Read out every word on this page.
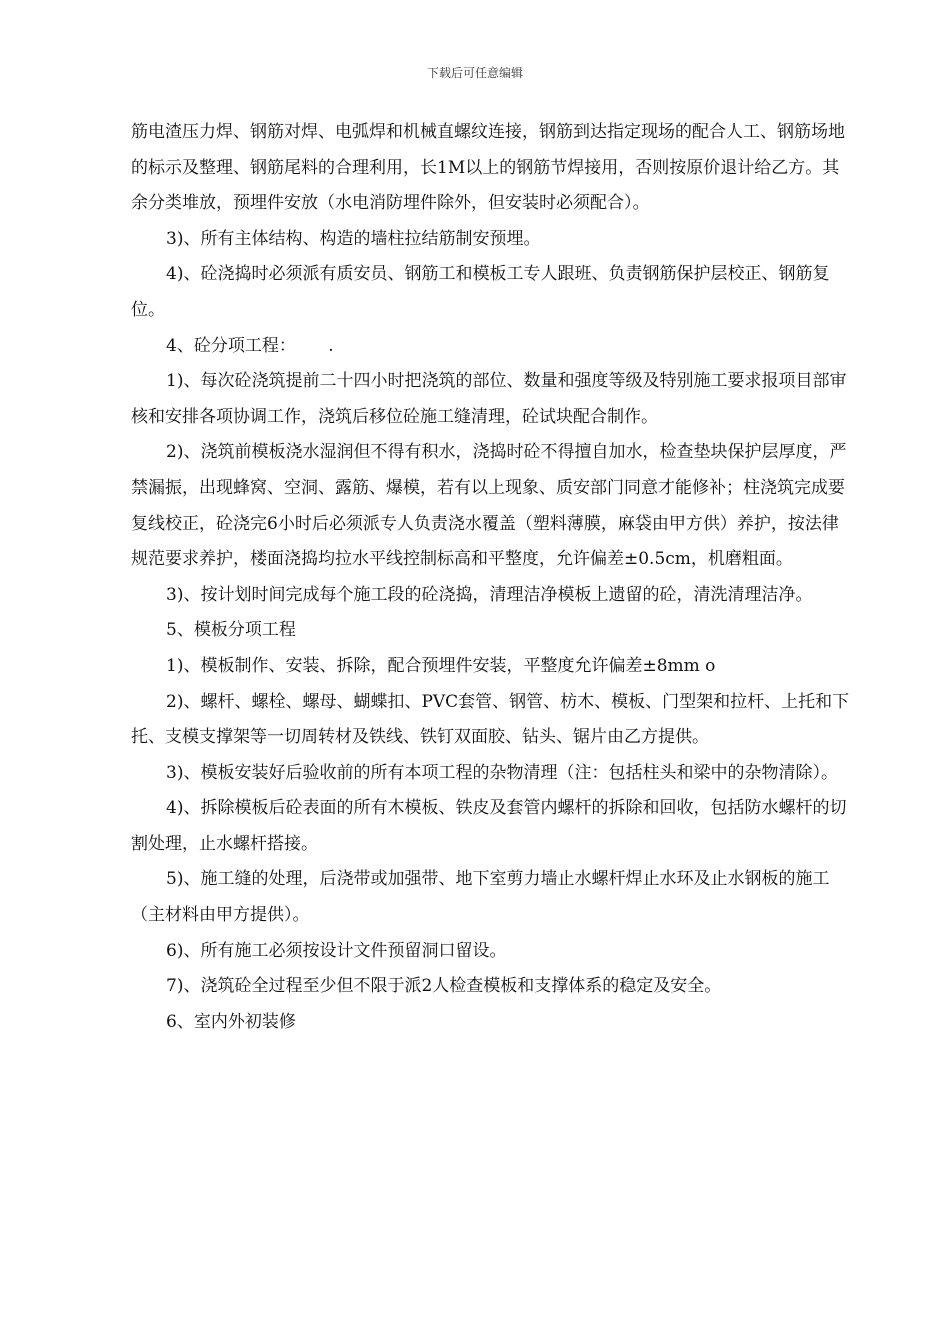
下载后可任意编辑

筋电渣压力焊、钢筋对焊、电弧焊和机械直螺纹连接，钢筋到达指定现场的配合人工、钢筋场地的标示及整理、钢筋尾料的合理利用，长1M以上的钢筋节焊接用，否则按原价退计给乙方。其余分类堆放，预埋件安放（水电消防埋件除外，但安装时必须配合）。

3)、所有主体结构、构造的墙柱拉结筋制安预埋。

4)、砼浇捣时必须派有质安员、钢筋工和模板工专人跟班、负责钢筋保护层校正、钢筋复位。

4、砼分项工程：      .

1)、每次砼浇筑提前二十四小时把浇筑的部位、数量和强度等级及特别施工要求报项目部审核和安排各项协调工作，浇筑后移位砼施工缝清理，砼试块配合制作。

2)、浇筑前模板浇水湿润但不得有积水，浇捣时砼不得擅自加水，检查垫块保护层厚度，严禁漏振，出现蜂窝、空洞、露筋、爆模，若有以上现象、质安部门同意才能修补；柱浇筑完成要复线校正，砼浇完6小时后必须派专人负责浇水覆盖（塑料薄膜，麻袋由甲方供）养护，按法律规范要求养护，楼面浇捣均拉水平线控制标高和平整度，允许偏差±0.5cm，机磨粗面。

3)、按计划时间完成每个施工段的砼浇捣，清理洁净模板上遗留的砼，清洗清理洁净。

5、模板分项工程

1)、模板制作、安装、拆除，配合预埋件安装，平整度允许偏差±8mm o

2)、螺杆、螺栓、螺母、蝴蝶扣、PVC套管、钢管、枋木、模板、门型架和拉杆、上托和下托、支模支撑架等一切周转材及铁线、铁钉双面胶、钻头、锯片由乙方提供。

3)、模板安装好后验收前的所有本项工程的杂物清理（注：包括柱头和梁中的杂物清除）。

4)、拆除模板后砼表面的所有木模板、铁皮及套管内螺杆的拆除和回收，包括防水螺杆的切割处理，止水螺杆搭接。

5)、施工缝的处理，后浇带或加强带、地下室剪力墙止水螺杆焊止水环及止水钢板的施工（主材料由甲方提供）。

6)、所有施工必须按设计文件预留洞口留设。

7)、浇筑砼全过程至少但不限于派2人检查模板和支撑体系的稳定及安全。

6、室内外初装修
